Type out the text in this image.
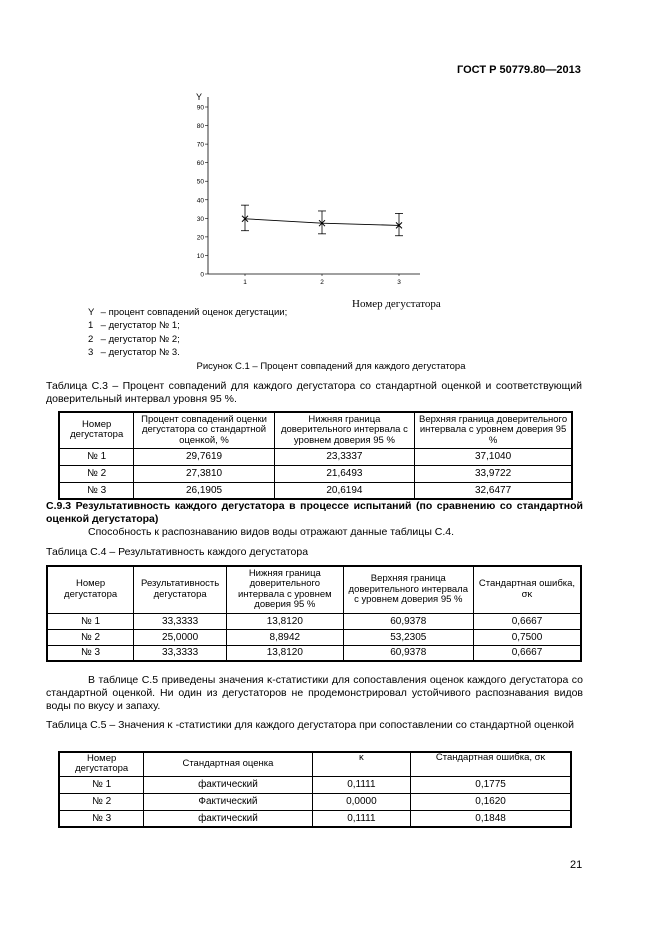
ГОСТ Р 50779.80—2013
Y
0
10
20
30
40
50
60
70
80
90
1	2	3
Номер дегустатора
Y – процент совпадений оценок дегустации;
1 – дегустатор № 1;
2 – дегустатор № 2;
3 – дегустатор № 3.
Рисунок С.1 – Процент совпадений для каждого дегустатора
Таблица С.3 – Процент совпадений для каждого дегустатора со стандартной оценкой и соответствующий доверительный интервал уровня 95 %.
Номер дегустатора	Процент совпадений оценки дегустатора со стандартной оценкой, %	Нижняя граница доверительного интервала с уровнем доверия 95 %	Верхняя граница доверительного интервала с уровнем доверия 95 %
№ 1	29,7619	23,3337	37,1040
№ 2	27,3810	21,6493	33,9722
№ 3	26,1905	20,6194	32,6477
С.9.3 Результативность каждого дегустатора в процессе испытаний (по сравнению со стандартной оценкой дегустатора)
Способность к распознаванию видов воды отражают данные таблицы С.4.
Таблица С.4 – Результативность каждого дегустатора
Номер дегустатора	Результативность дегустатора	Нижняя граница доверительного интервала с уровнем доверия 95 %	Верхняя граница доверительного интервала с уровнем доверия 95 %	Стандартная ошибка, σκ
№ 1	33,3333	13,8120	60,9378	0,6667
№ 2	25,0000	8,8942	53,2305	0,7500
№ 3	33,3333	13,8120	60,9378	0,6667
В таблице С.5 приведены значения κ-статистики для сопоставления оценок каждого дегустатора со стандартной оценкой. Ни один из дегустаторов не продемонстрировал устойчивого распознавания видов воды по вкусу и запаху.
Таблица С.5 – Значения κ -статистики для каждого дегустатора при сопоставлении со стандартной оценкой
Номер дегустатора	Стандартная оценка	κ	Стандартная ошибка, σκ
№ 1	фактический	0,1111	0,1775
№ 2	Фактический	0,0000	0,1620
№ 3	фактический	0,1111	0,1848
21
